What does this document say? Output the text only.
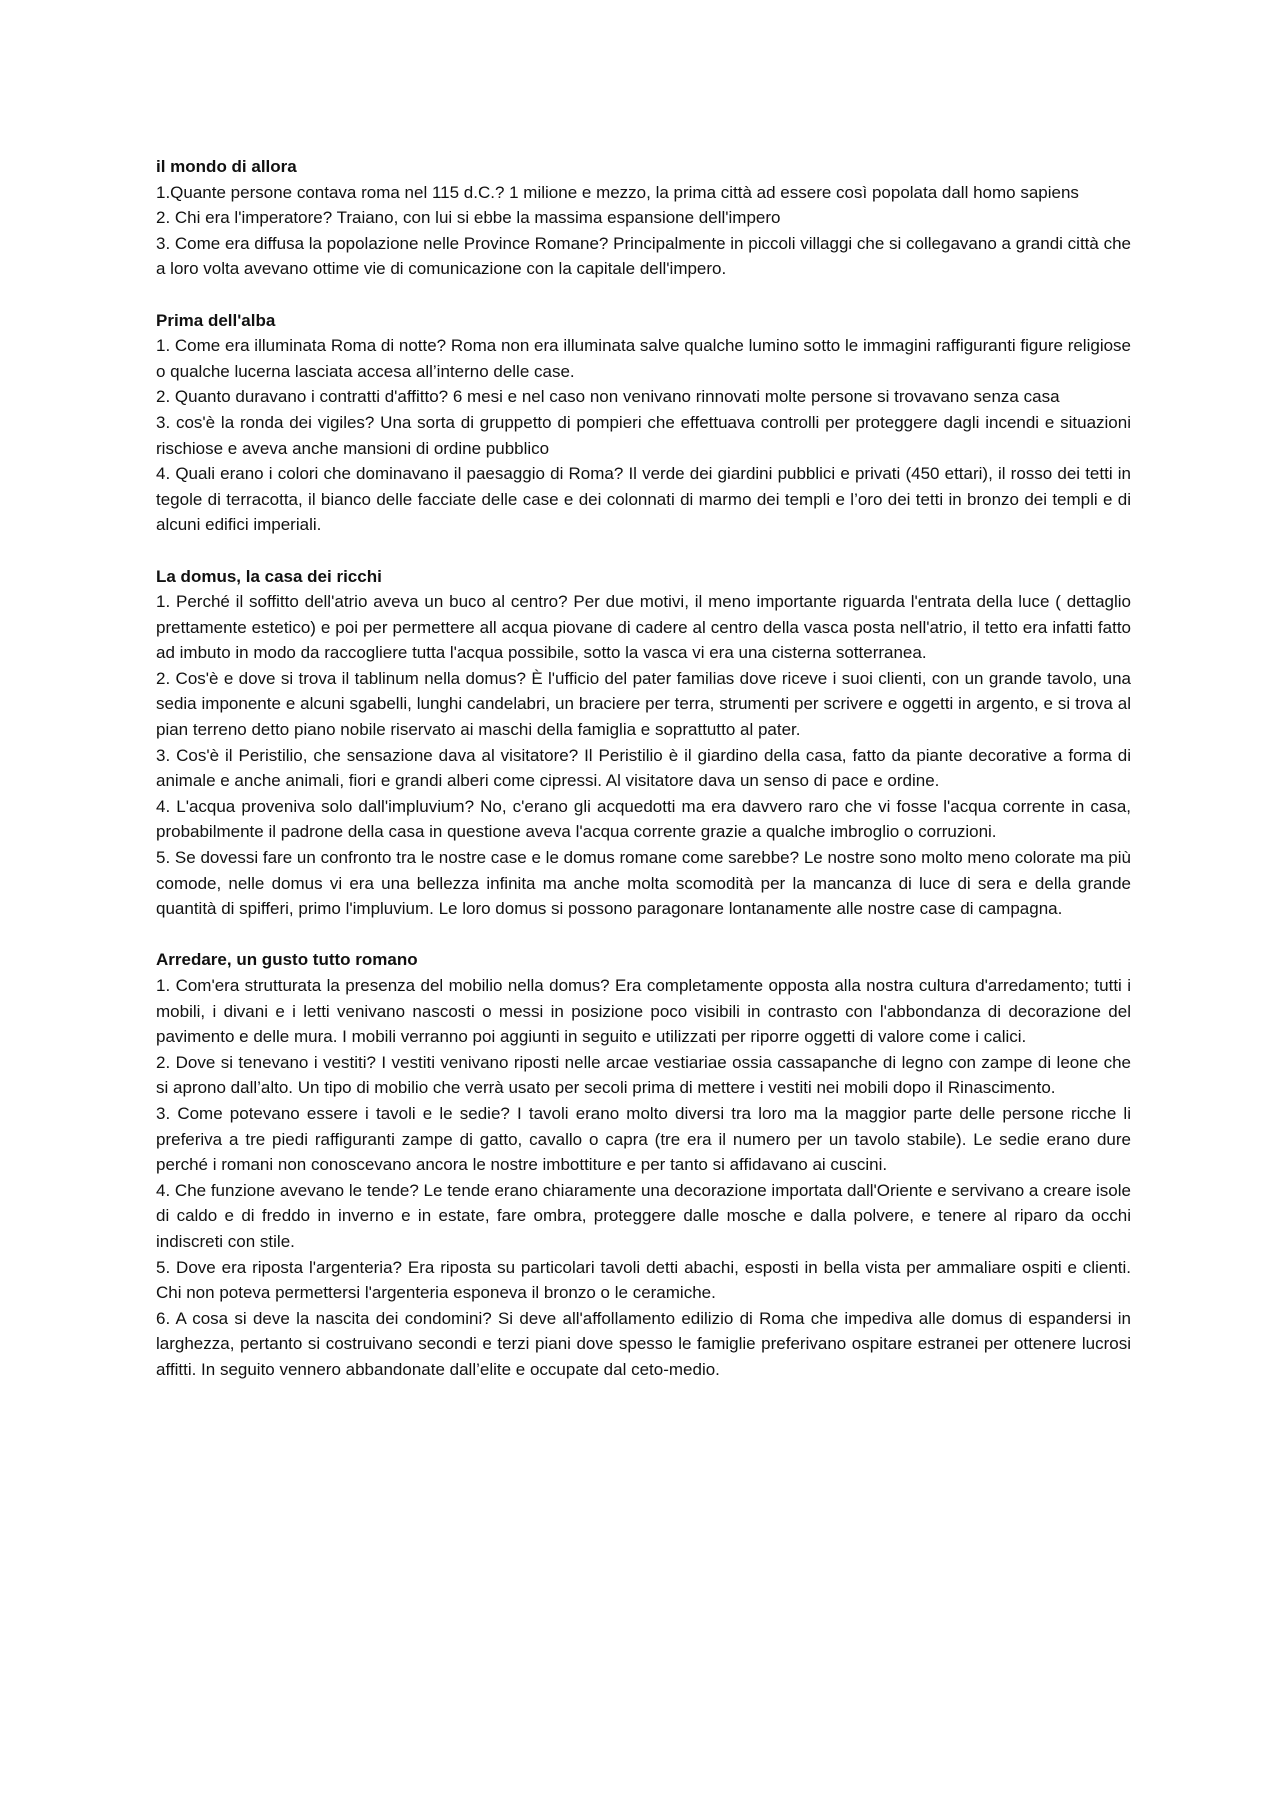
il mondo di allora

1.Quante persone contava roma nel 115 d.C.? 1 milione e mezzo, la prima città ad essere così popolata dall homo sapiens

2. Chi era l'imperatore? Traiano, con lui si ebbe la massima espansione dell'impero

3. Come era diffusa la popolazione nelle Province Romane? Principalmente in piccoli villaggi che si collegavano a grandi città che a loro volta avevano ottime vie di comunicazione con la capitale dell'impero.

Prima dell'alba

1. Come era illuminata Roma di notte? Roma non era illuminata salve qualche lumino sotto le immagini raffiguranti figure religiose o qualche lucerna lasciata accesa all’interno delle case.

2. Quanto duravano i contratti d'affitto? 6 mesi e nel caso non venivano rinnovati molte persone si trovavano senza casa

3. cos'è la ronda dei vigiles? Una sorta di gruppetto di pompieri che effettuava controlli per proteggere dagli incendi e situazioni rischiose e aveva anche mansioni di ordine pubblico

4. Quali erano i colori che dominavano il paesaggio di Roma? Il verde dei giardini pubblici e privati (450 ettari), il rosso dei tetti in tegole di terracotta, il bianco delle facciate delle case e dei colonnati di marmo dei templi e l’oro dei tetti in bronzo dei templi e di alcuni edifici imperiali.

La domus, la casa dei ricchi

1. Perché il soffitto dell'atrio aveva un buco al centro? Per due motivi, il meno importante riguarda l'entrata della luce ( dettaglio prettamente estetico) e poi per permettere all acqua piovane di cadere al centro della vasca posta nell'atrio, il tetto era infatti fatto ad imbuto in modo da raccogliere tutta l'acqua possibile, sotto la vasca vi era una cisterna sotterranea.

2. Cos'è e dove si trova il tablinum nella domus? È l'ufficio del pater familias dove riceve i suoi clienti, con un grande tavolo, una sedia imponente e alcuni sgabelli, lunghi candelabri, un braciere per terra, strumenti per scrivere e oggetti in argento, e si trova al pian terreno detto piano nobile riservato ai maschi della famiglia e soprattutto al pater.

3. Cos'è il Peristilio, che sensazione dava al visitatore? Il Peristilio è il giardino della casa, fatto da piante decorative a forma di animale e anche animali, fiori e grandi alberi come cipressi. Al visitatore dava un senso di pace e ordine.

4. L'acqua proveniva solo dall'impluvium? No, c'erano gli acquedotti ma era davvero raro che vi fosse l'acqua corrente in casa, probabilmente il padrone della casa in questione aveva l'acqua corrente grazie a qualche imbroglio o corruzioni.

5. Se dovessi fare un confronto tra le nostre case e le domus romane come sarebbe? Le nostre sono molto meno colorate ma più comode, nelle domus vi era una bellezza infinita ma anche molta scomodità per la mancanza di luce di sera e della grande quantità di spifferi, primo l'impluvium. Le loro domus si possono paragonare lontanamente alle nostre case di campagna.

Arredare, un gusto tutto romano

1. Com'era strutturata la presenza del mobilio nella domus? Era completamente opposta alla nostra cultura d'arredamento; tutti i mobili, i divani e i letti venivano nascosti o messi in posizione poco visibili in contrasto con l'abbondanza di decorazione del pavimento e delle mura. I mobili verranno poi aggiunti in seguito e utilizzati per riporre oggetti di valore come i calici.

2. Dove si tenevano i vestiti? I vestiti venivano riposti nelle arcae vestiariae ossia cassapanche di legno con zampe di leone che si aprono dall’alto. Un tipo di mobilio che verrà usato per secoli prima di mettere i vestiti nei mobili dopo il Rinascimento.

3. Come potevano essere i tavoli e le sedie? I tavoli erano molto diversi tra loro ma la maggior parte delle persone ricche li preferiva a tre piedi raffiguranti zampe di gatto, cavallo o capra (tre era il numero per un tavolo stabile). Le sedie erano dure perché i romani non conoscevano ancora le nostre imbottiture e per tanto si affidavano ai cuscini.

4. Che funzione avevano le tende? Le tende erano chiaramente una decorazione importata dall'Oriente e servivano a creare isole di caldo e di freddo in inverno e in estate, fare ombra, proteggere dalle mosche e dalla polvere, e tenere al riparo da occhi indiscreti con stile.

5. Dove era riposta l'argenteria? Era riposta su particolari tavoli detti abachi, esposti in bella vista per ammaliare ospiti e clienti. Chi non poteva permettersi l'argenteria esponeva il bronzo o le ceramiche.

6. A cosa si deve la nascita dei condomini? Si deve all'affollamento edilizio di Roma che impediva alle domus di espandersi in larghezza, pertanto si costruivano secondi e terzi piani dove spesso le famiglie preferivano ospitare estranei per ottenere lucrosi affitti. In seguito vennero abbandonate dall’elite e occupate dal ceto-medio.
